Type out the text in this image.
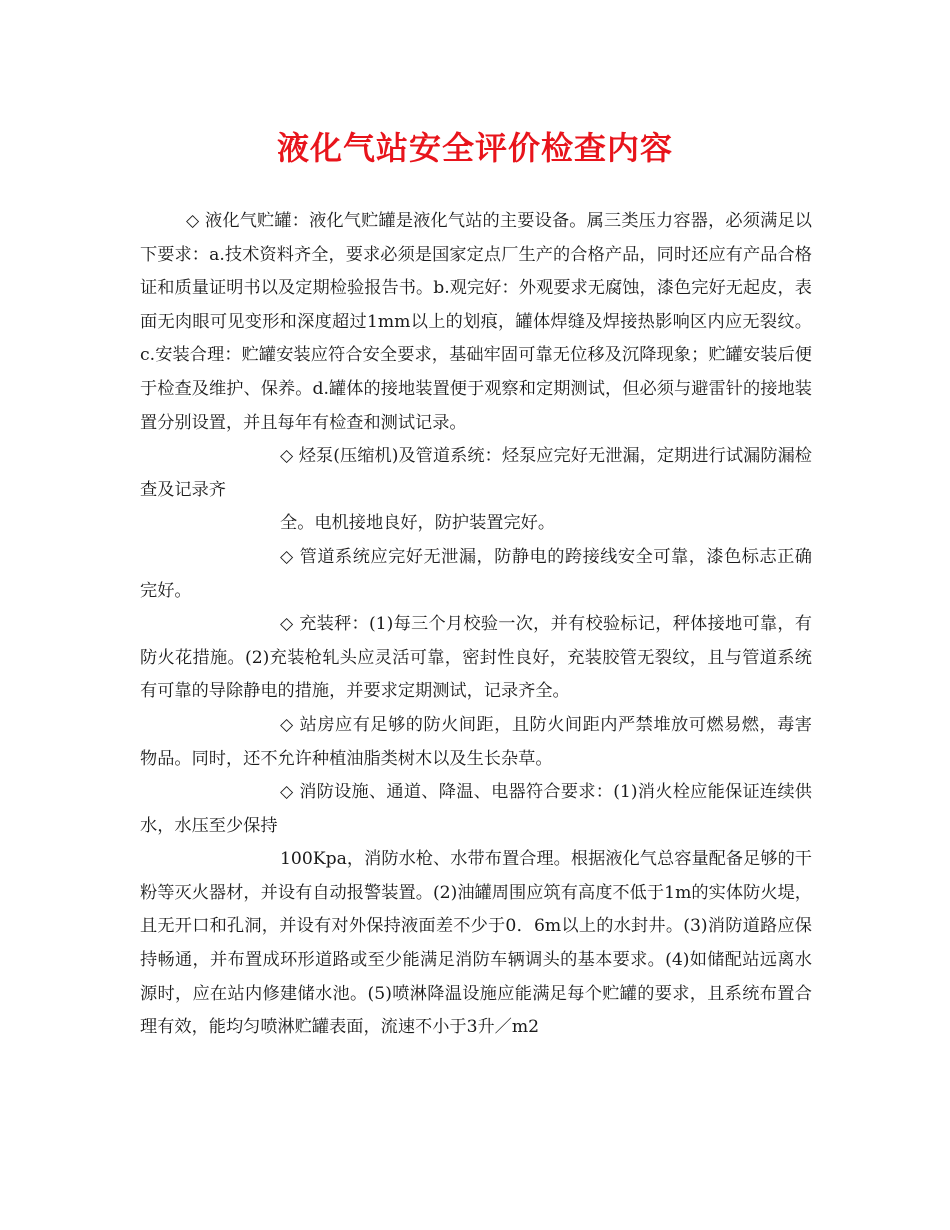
液化气站安全评价检查内容

◇ 液化气贮罐：液化气贮罐是液化气站的主要设备。属三类压力容器，必须满足以下要求：a.技术资料齐全，要求必须是国家定点厂生产的合格产品，同时还应有产品合格证和质量证明书以及定期检验报告书。b.观完好：外观要求无腐蚀，漆色完好无起皮，表面无肉眼可见变形和深度超过1mm以上的划痕，罐体焊缝及焊接热影响区内应无裂纹。c.安装合理：贮罐安装应符合安全要求，基础牢固可靠无位移及沉降现象；贮罐安装后便于检查及维护、保养。d.罐体的接地装置便于观察和定期测试，但必须与避雷针的接地装置分别设置，并且每年有检查和测试记录。

◇ 烃泵(压缩机)及管道系统：烃泵应完好无泄漏，定期进行试漏防漏检查及记录齐

全。电机接地良好，防护装置完好。

◇ 管道系统应完好无泄漏，防静电的跨接线安全可靠，漆色标志正确完好。

◇ 充装秤：(1)每三个月校验一次，并有校验标记，秤体接地可靠，有防火花措施。(2)充装枪轧头应灵活可靠，密封性良好，充装胶管无裂纹，且与管道系统有可靠的导除静电的措施，并要求定期测试，记录齐全。

◇ 站房应有足够的防火间距，且防火间距内严禁堆放可燃易燃，毒害物品。同时，还不允许种植油脂类树木以及生长杂草。

◇ 消防设施、通道、降温、电器符合要求：(1)消火栓应能保证连续供水，水压至少保持

100Kpa，消防水枪、水带布置合理。根据液化气总容量配备足够的干粉等灭火器材，并设有自动报警装置。(2)油罐周围应筑有高度不低于1m的实体防火堤，且无开口和孔洞，并设有对外保持液面差不少于0．6m以上的水封井。(3)消防道路应保持畅通，并布置成环形道路或至少能满足消防车辆调头的基本要求。(4)如储配站远离水源时，应在站内修建储水池。(5)喷淋降温设施应能满足每个贮罐的要求，且系统布置合理有效，能均匀喷淋贮罐表面，流速不小于3升／m2
